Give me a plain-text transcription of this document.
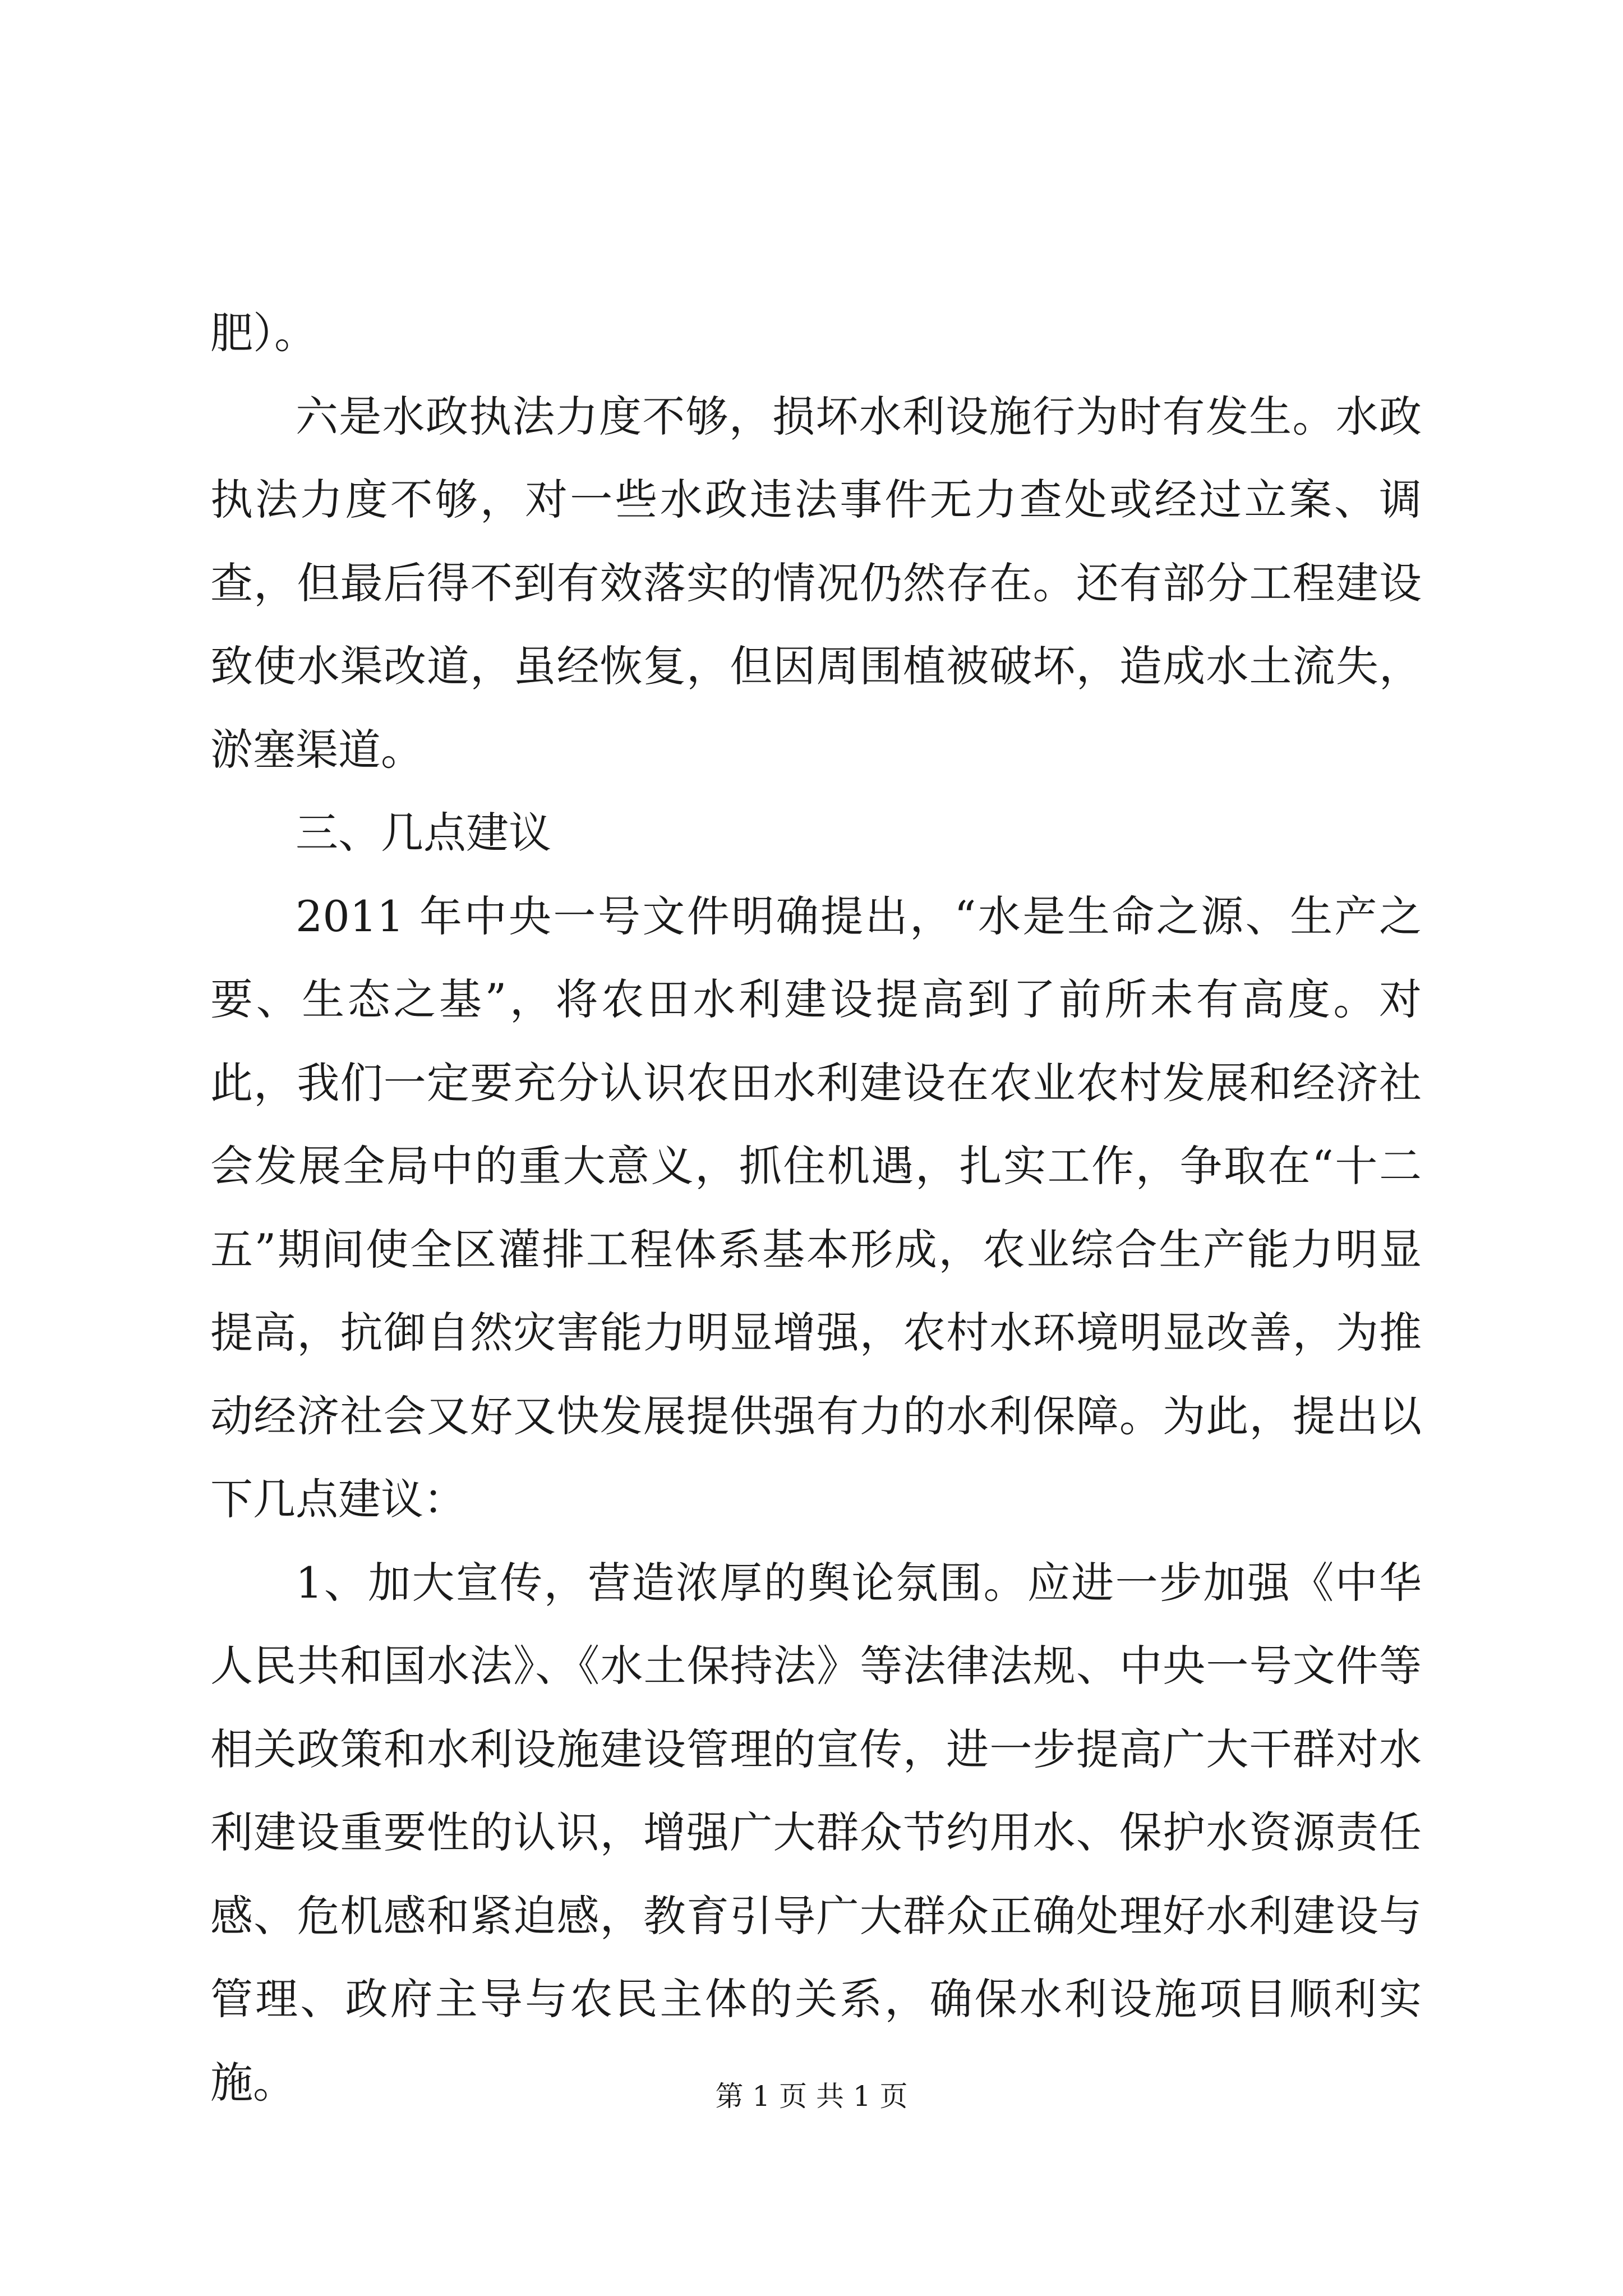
肥）。

六是水政执法力度不够，损坏水利设施行为时有发生。水政执法力度不够，对一些水政违法事件无力查处或经过立案、调查，但最后得不到有效落实的情况仍然存在。还有部分工程建设致使水渠改道，虽经恢复，但因周围植被破坏，造成水土流失，淤塞渠道。

三、几点建议

2011 年中央一号文件明确提出，“水是生命之源、生产之要、生态之基”，将农田水利建设提高到了前所未有高度。对此，我们一定要充分认识农田水利建设在农业农村发展和经济社会发展全局中的重大意义，抓住机遇，扎实工作，争取在“十二五”期间使全区灌排工程体系基本形成，农业综合生产能力明显提高，抗御自然灾害能力明显增强，农村水环境明显改善，为推动经济社会又好又快发展提供强有力的水利保障。为此，提出以下几点建议：

1、加大宣传，营造浓厚的舆论氛围。应进一步加强《中华人民共和国水法》、《水土保持法》等法律法规、中央一号文件等相关政策和水利设施建设管理的宣传，进一步提高广大干群对水利建设重要性的认识，增强广大群众节约用水、保护水资源责任感、危机感和紧迫感，教育引导广大群众正确处理好水利建设与管理、政府主导与农民主体的关系，确保水利设施项目顺利实施。	第 1 页 共 1 页
